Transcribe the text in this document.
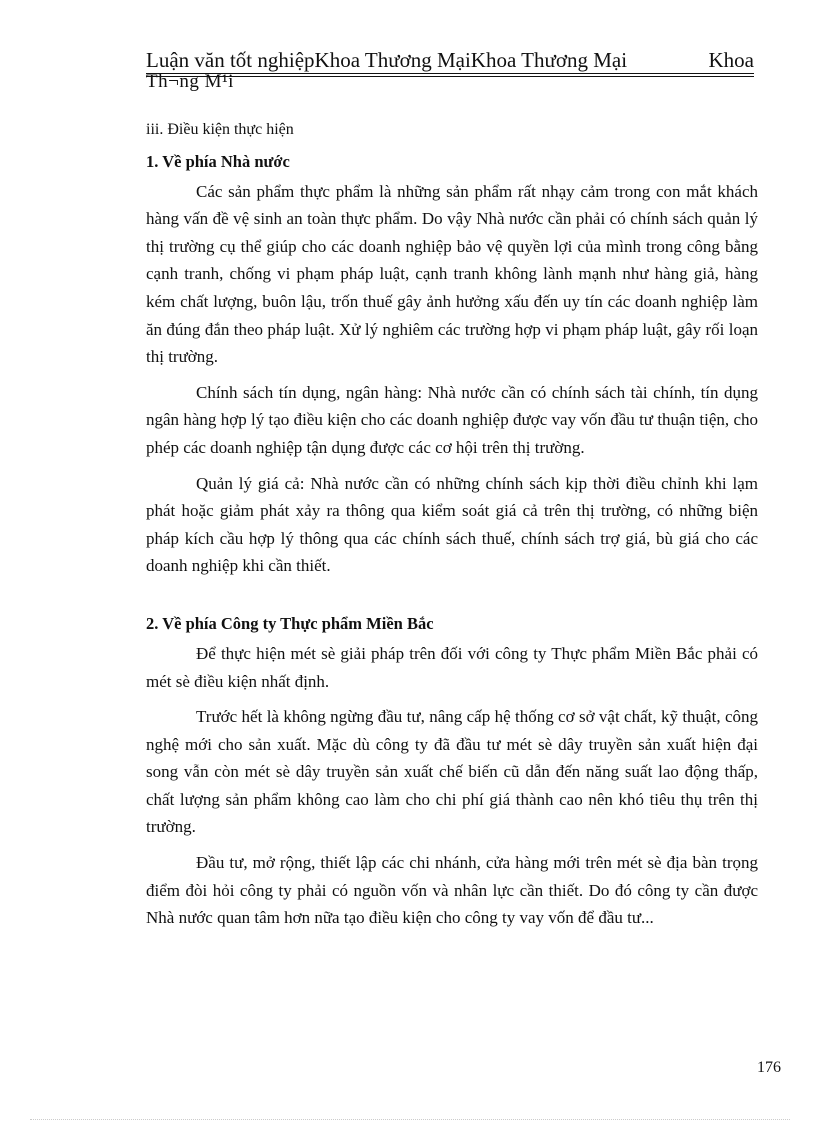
Luận văn tốt nghiệpKhoa Thương MạiKhoa Thương Mại	Khoa
Th¬ng M¹i
iii. Điều kiện thực hiện

1. Về phía Nhà nước

Các sản phẩm thực phẩm là những sản phẩm rất nhạy cảm trong con mắt khách hàng vấn đề vệ sinh an toàn thực phẩm. Do vậy Nhà nước cần phải có chính sách quản lý thị trường cụ thể giúp cho các doanh nghiệp bảo vệ quyền lợi của mình trong công bằng cạnh tranh, chống vi phạm pháp luật, cạnh tranh không lành mạnh như hàng giả, hàng kém chất lượng, buôn lậu, trốn thuế gây ảnh hưởng xấu đến uy tín các doanh nghiệp làm ăn đúng đắn theo pháp luật. Xử lý nghiêm các trường hợp vi phạm pháp luật, gây rối loạn thị trường.

Chính sách tín dụng, ngân hàng: Nhà nước cần có chính sách tài chính, tín dụng ngân hàng hợp lý tạo điều kiện cho các doanh nghiệp được vay vốn đầu tư thuận tiện, cho phép các doanh nghiệp tận dụng được các cơ hội trên thị trường.

Quản lý giá cả: Nhà nước cần có những chính sách kịp thời điều chỉnh khi lạm phát hoặc giảm phát xảy ra thông qua kiểm soát giá cả trên thị trường, có những biện pháp kích cầu hợp lý thông qua các chính sách thuế, chính sách trợ giá, bù giá cho các doanh nghiệp khi cần thiết.

2. Về phía Công ty Thực phẩm Miền Bắc

Để thực hiện mét sè giải pháp trên đối với công ty Thực phẩm Miền Bắc phải có mét sè điều kiện nhất định.

Trước hết là không ngừng đầu tư, nâng cấp hệ thống cơ sở vật chất, kỹ thuật, công nghệ mới cho sản xuất. Mặc dù công ty đã đầu tư mét sè dây truyền sản xuất hiện đại song vẫn còn mét sè dây truyền sản xuất chế biến cũ dẫn đến năng suất lao động thấp, chất lượng sản phẩm không cao làm cho chi phí giá thành cao nên khó tiêu thụ trên thị trường.

Đầu tư, mở rộng, thiết lập các chi nhánh, cửa hàng mới trên mét sè địa bàn trọng điểm đòi hỏi công ty phải có nguồn vốn và nhân lực cần thiết. Do đó công ty cần được Nhà nước quan tâm hơn nữa tạo điều kiện cho công ty vay vốn để đầu tư...

176
